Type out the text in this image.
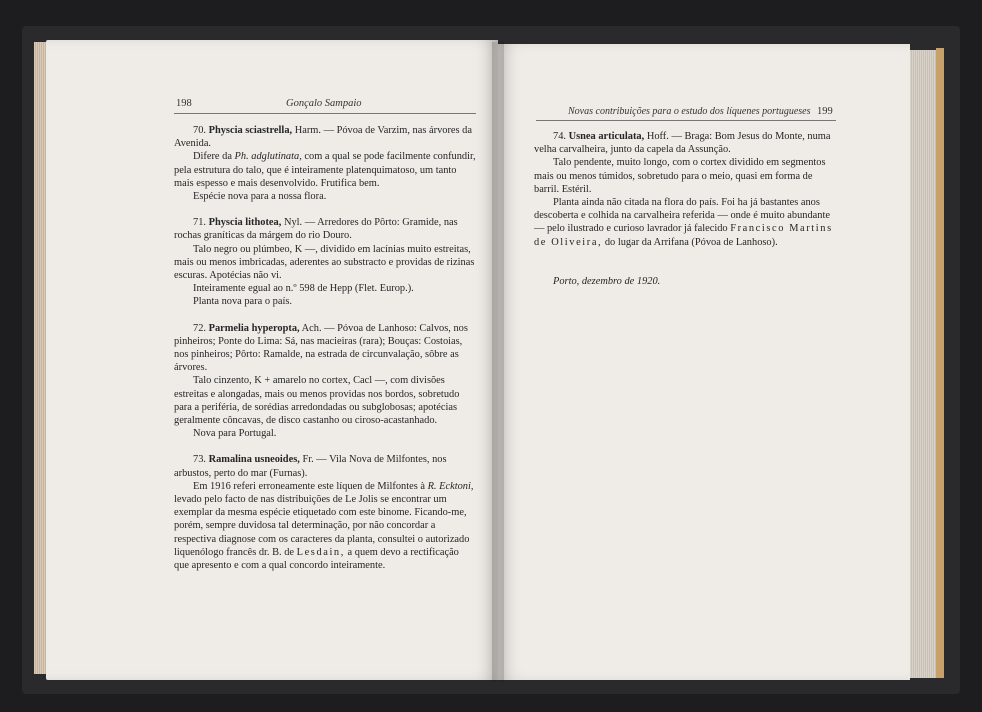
198	Gonçalo Sampaio

70. Physcia sciastrella, Harm. — Póvoa de Varzim, nas árvores da Avenida.

Difere da Ph. adglutinata, com a qual se pode facilmente confundir, pela estrutura do talo, que é inteiramente platenquimatoso, um tanto mais espesso e mais desenvolvido. Frutifica bem.

Espécie nova para a nossa flora.

71. Physcia lithotea, Nyl. — Arredores do Pôrto: Gramide, nas rochas graníticas da márgem do rio Douro.

Talo negro ou plúmbeo, K —, dividido em lacínias muito estreitas, mais ou menos imbricadas, aderentes ao substracto e providas de rizinas escuras. Apotécias não vi.

Inteiramente egual ao n.º 598 de Hepp (Flet. Europ.).

Planta nova para o país.

72. Parmelia hyperopta, Ach. — Póvoa de Lanhoso: Calvos, nos pinheiros; Ponte do Lima: Sá, nas macieiras (rara); Bouças: Costoias, nos pinheiros; Pôrto: Ramalde, na estrada de circunvalação, sôbre as árvores.

Talo cinzento, K + amarelo no cortex, Cacl —, com divisões estreitas e alongadas, mais ou menos providas nos bordos, sobretudo para a periféria, de sorédias arredondadas ou subglobosas; apotécias geralmente côncavas, de disco castanho ou ciroso-acastanhado.

Nova para Portugal.

73. Ramalina usneoides, Fr. — Vila Nova de Milfontes, nos arbustos, perto do mar (Furnas).

Em 1916 referi erroneamente este líquen de Milfontes à R. Ecktoni, levado pelo facto de nas distribuições de Le Jolis se encontrar um exemplar da mesma espécie etiquetado com este binome. Ficando-me, porém, sempre duvidosa tal determinação, por não concordar a respectiva diagnose com os caracteres da planta, consultei o autorizado liquenólogo francês dr. B. de Lesdain, a quem devo a rectificação que apresento e com a qual concordo inteiramente.

Novas contribuições para o estudo dos líquenes portugueses 199

74. Usnea articulata, Hoff. — Braga: Bom Jesus do Monte, numa velha carvalheira, junto da capela da Assunção.

Talo pendente, muito longo, com o cortex dividido em segmentos mais ou menos túmidos, sobretudo para o meio, quasi em forma de barril. Estéril.

Planta ainda não citada na flora do país. Foi ha já bastantes anos descoberta e colhida na carvalheira referida — onde é muito abundante — pelo ilustrado e curioso lavrador já falecido Francisco Martins de Oliveira, do lugar da Arrifana (Póvoa de Lanhoso).

Porto, dezembro de 1920.
